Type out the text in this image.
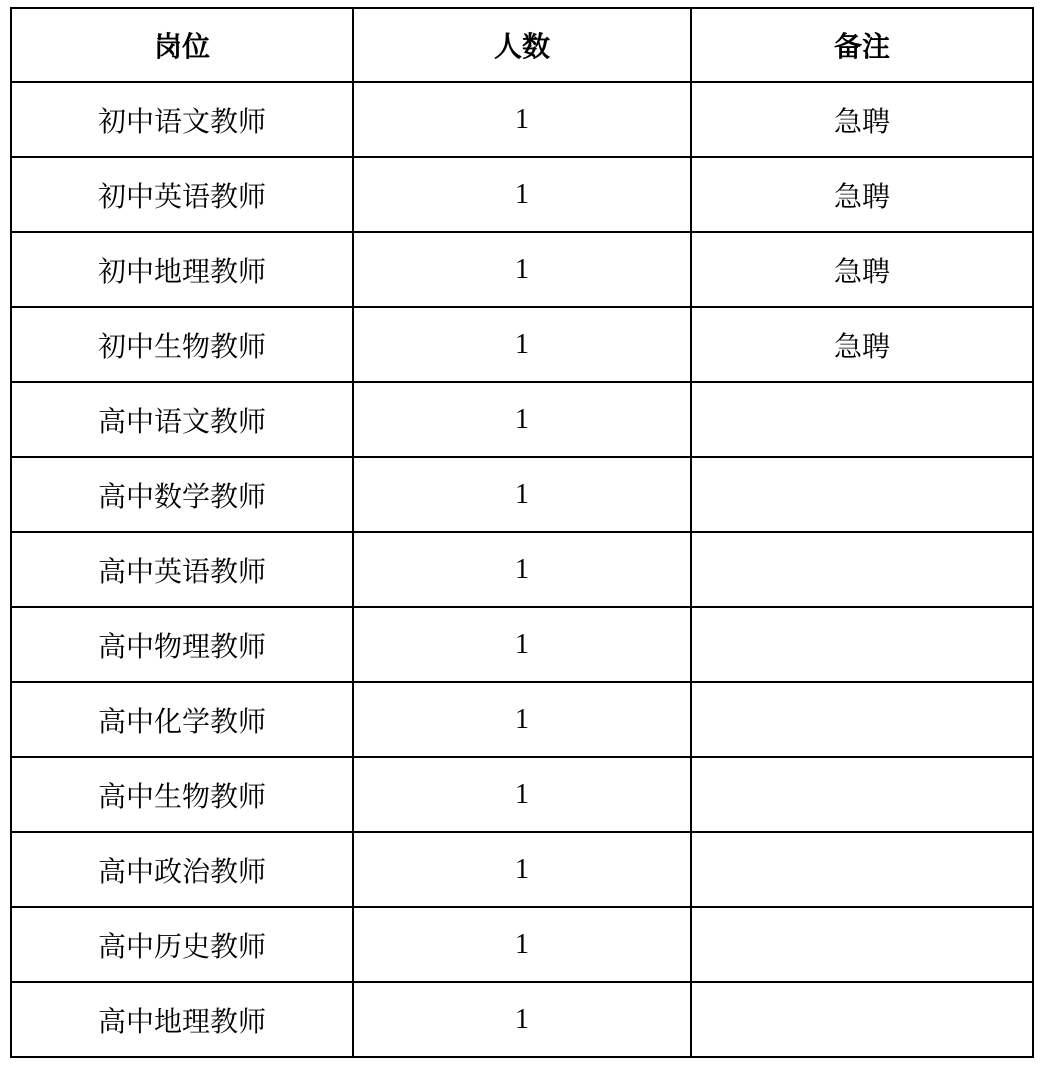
岗位	人数	备注
初中语文教师	1	急聘
初中英语教师	1	急聘
初中地理教师	1	急聘
初中生物教师	1	急聘
高中语文教师	1	
高中数学教师	1	
高中英语教师	1	
高中物理教师	1	
高中化学教师	1	
高中生物教师	1	
高中政治教师	1	
高中历史教师	1	
高中地理教师	1	
